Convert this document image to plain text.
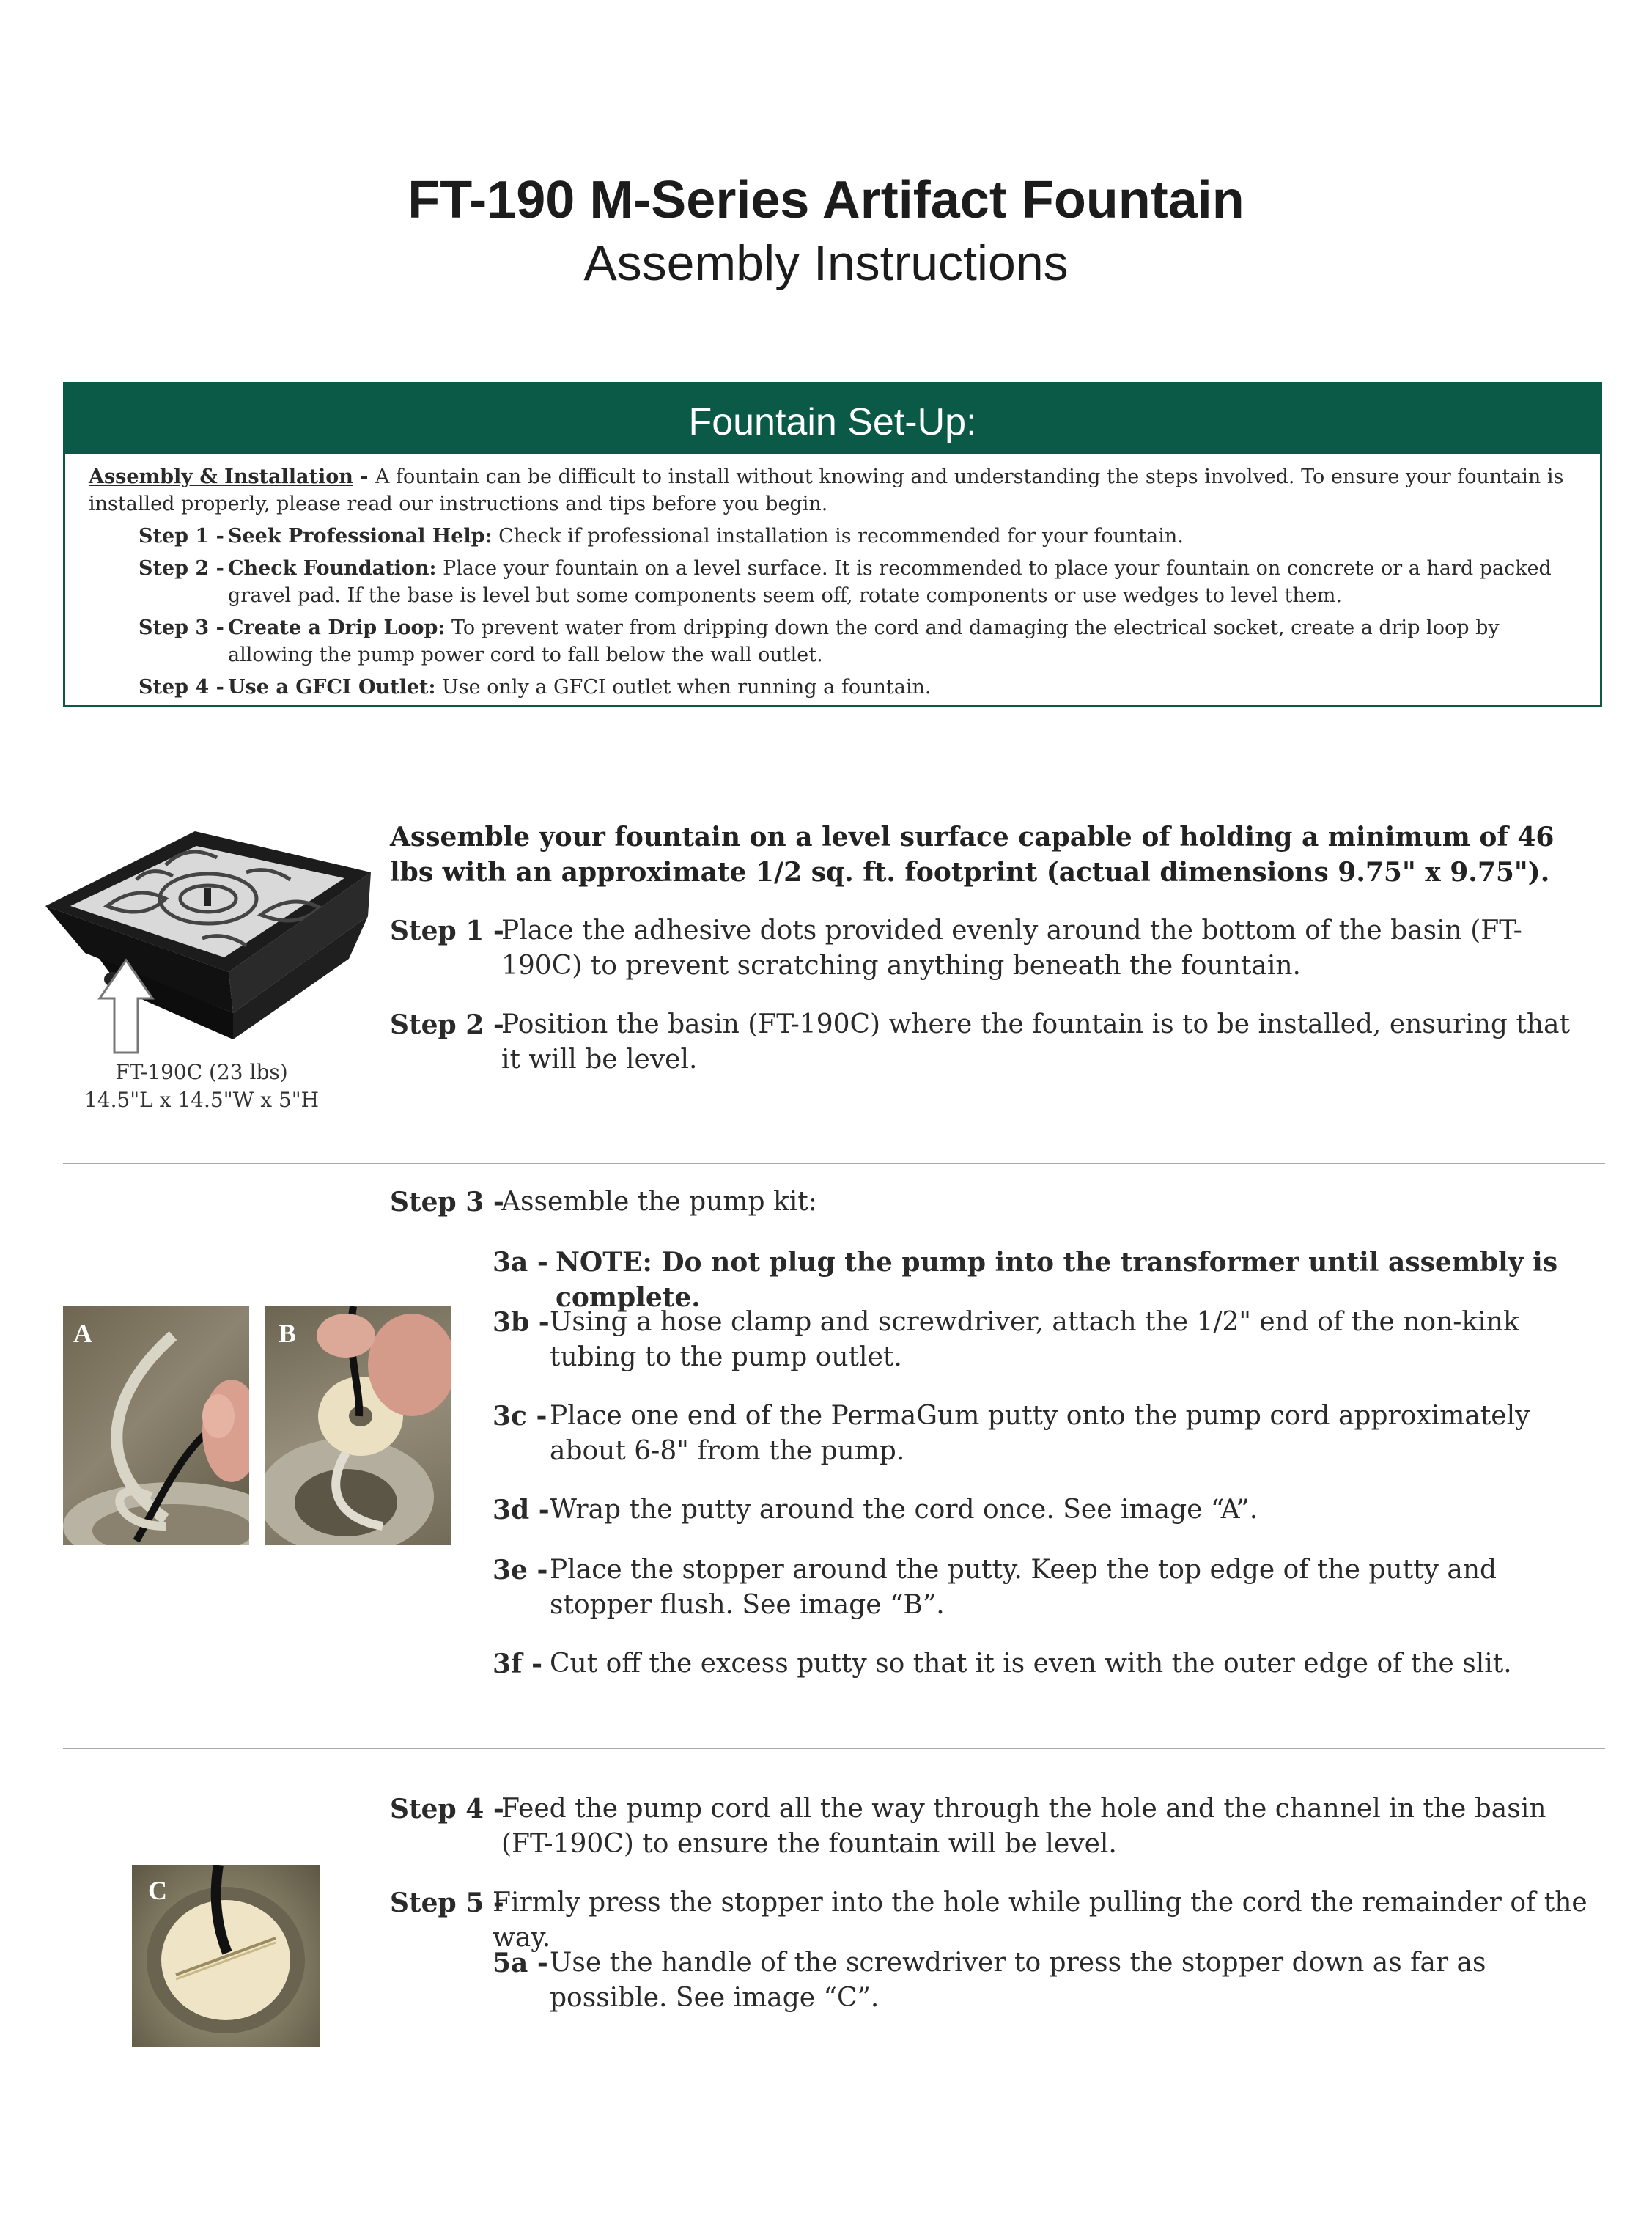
FT-190 M-Series Artifact Fountain
Assembly Instructions
Fountain Set-Up:

Assembly & Installation - A fountain can be difficult to install without knowing and understanding the steps involved. To ensure your fountain is installed properly, please read our instructions and tips before you begin.

Step 1 - Seek Professional Help: Check if professional installation is recommended for your fountain.
Step 2 - Check Foundation: Place your fountain on a level surface. It is recommended to place your fountain on concrete or a hard packed gravel pad. If the base is level but some components seem off, rotate components or use wedges to level them.
Step 3 - Create a Drip Loop: To prevent water from dripping down the cord and damaging the electrical socket, create a drip loop by allowing the pump power cord to fall below the wall outlet.
Step 4 - Use a GFCI Outlet: Use only a GFCI outlet when running a fountain.
FT-190C (23 lbs)
14.5"L x 14.5"W x 5"H
Assemble your fountain on a level surface capable of holding a minimum of 46 lbs with an approximate 1/2 sq. ft. footprint (actual dimensions 9.75" x 9.75").
Step 1 -
Place the adhesive dots provided evenly around the bottom of the basin (FT-190C) to prevent scratching anything beneath the fountain.
Step 2 -
Position the basin (FT-190C) where the fountain is to be installed, ensuring that it will be level.
Step 3 -
Assemble the pump kit:
3a - NOTE: Do not plug the pump into the transformer until assembly is complete.
3b - Using a hose clamp and screwdriver, attach the 1/2" end of the non-kink tubing to the pump outlet.
3c - Place one end of the PermaGum putty onto the pump cord approximately about 6-8" from the pump.
3d - Wrap the putty around the cord once. See image “A”.
3e - Place the stopper around the putty. Keep the top edge of the putty and stopper flush. See image “B”.
3f - Cut off the excess putty so that it is even with the outer edge of the slit.
A	B
Step 4 -
Feed the pump cord all the way through the hole and the channel in the basin (FT-190C) to ensure the fountain will be level.
Step 5 -
Firmly press the stopper into the hole while pulling the cord the remainder of the way.
5a - Use the handle of the screwdriver to press the stopper down as far as possible. See image “C”.
C
